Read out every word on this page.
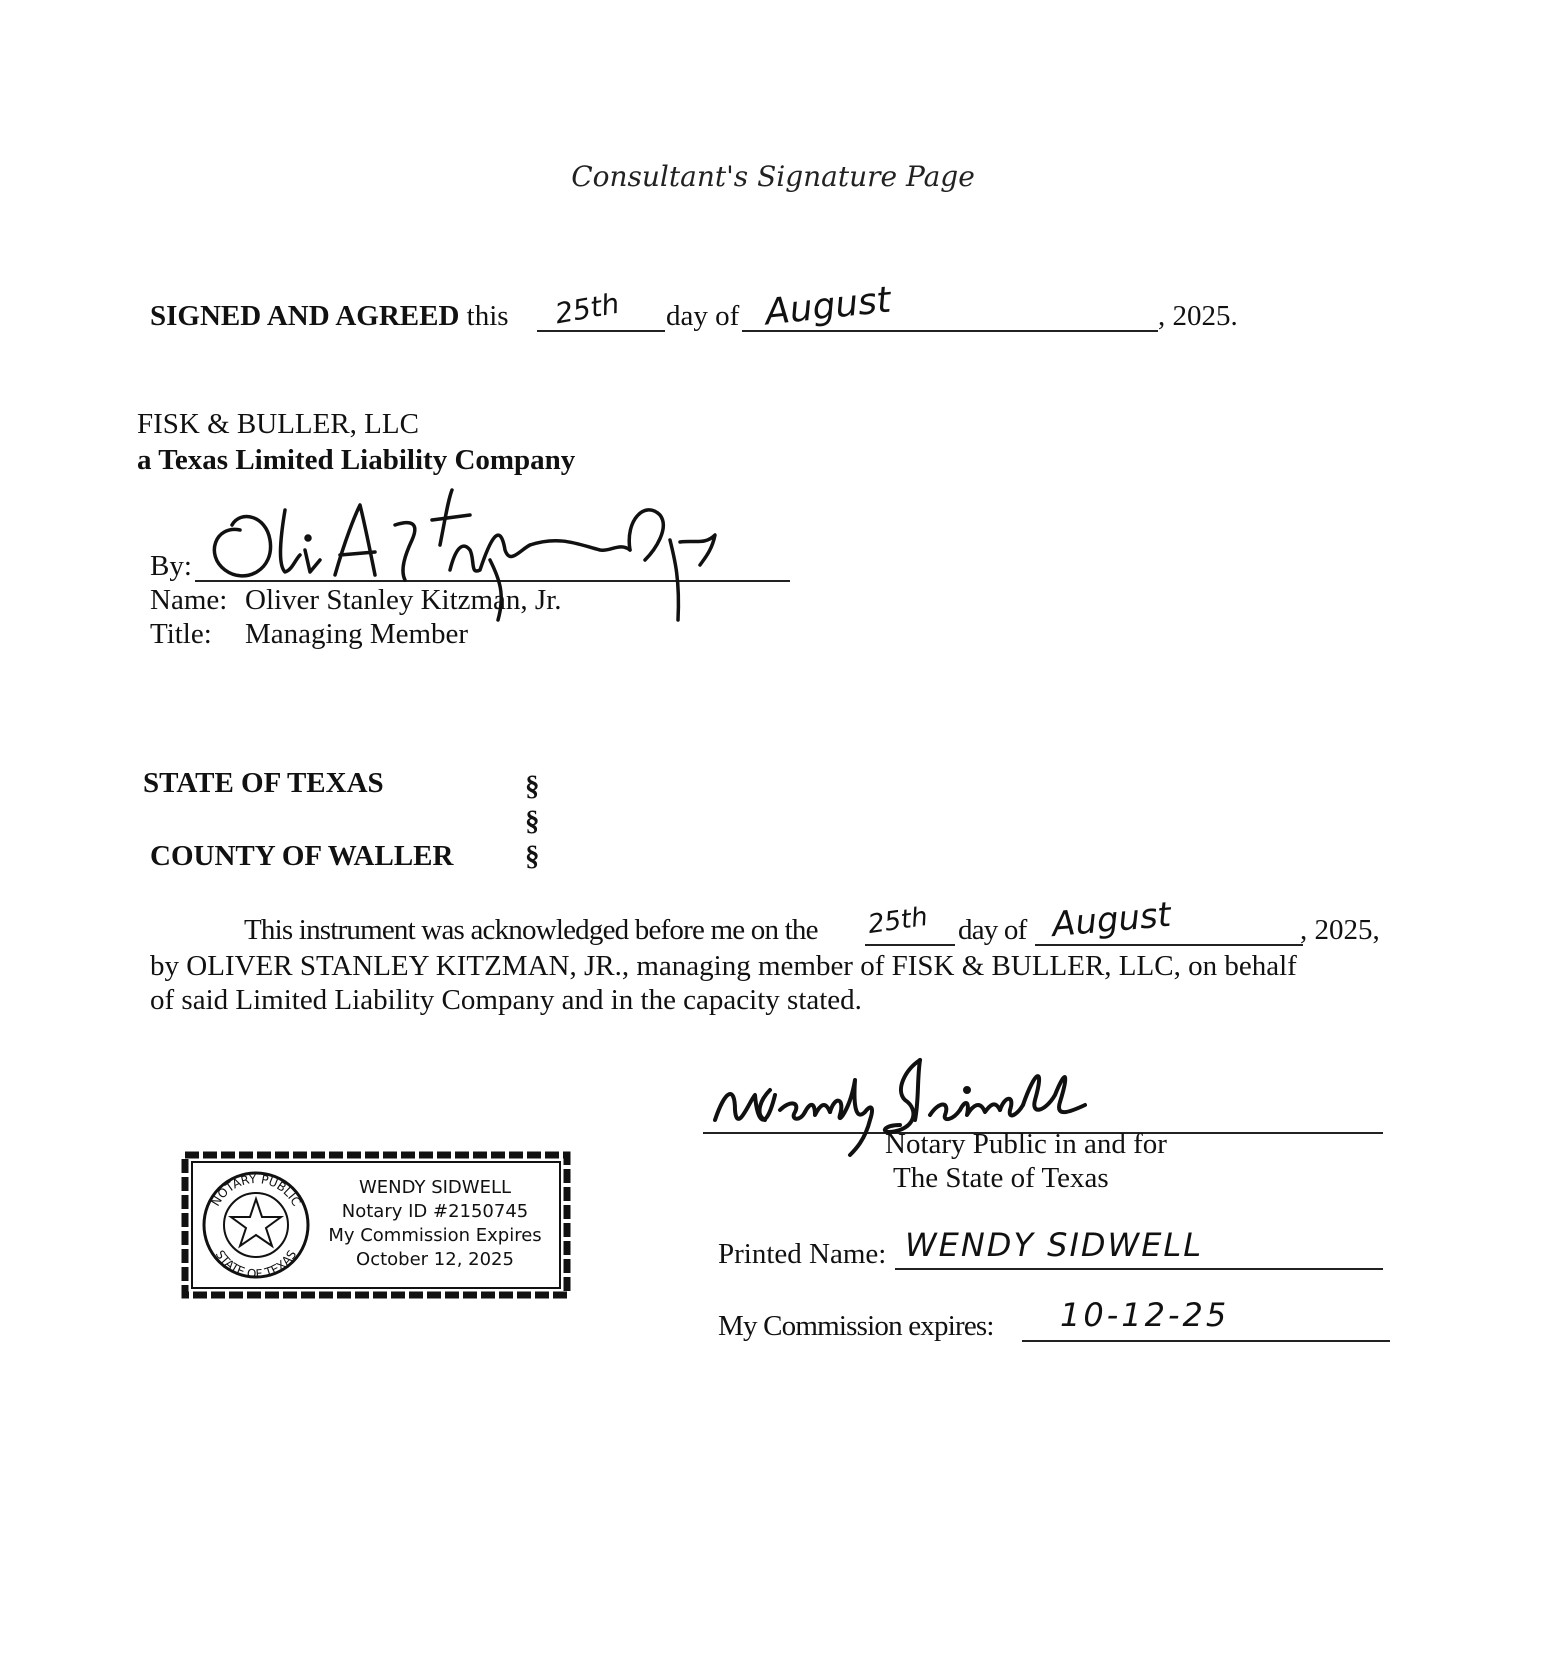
Consultant's Signature Page
SIGNED AND AGREED this 25th day of August	, 2025.
FISK & BULLER, LLC
a Texas Limited Liability Company
By:
Name: Oliver Stanley Kitzman, Jr.
Title: Managing Member
STATE OF TEXAS
COUNTY OF WALLER
§
§
§
This instrument was acknowledged before me on the 25th day of August	, 2025,
by OLIVER STANLEY KITZMAN, JR., managing member of FISK & BULLER, LLC, on behalf
of said Limited Liability Company and in the capacity stated.
Notary Public in and for
The State of Texas
Printed Name: WENDY SIDWELL
My Commission expires: 10-12-25
NOTARY PUBLIC
STATE OF TEXAS
WENDY SIDWELL
Notary ID #2150745
My Commission Expires
October 12, 2025
